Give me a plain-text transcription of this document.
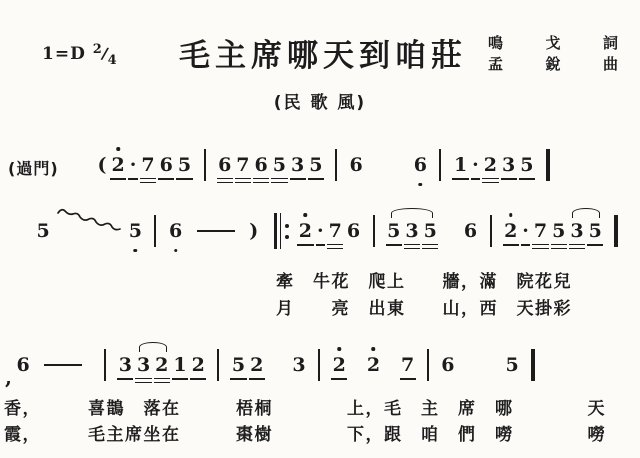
1=D $^2/_4$	毛主席哪天到咱莊	鳴	戈	詞
孟	銳	曲
(民 歌 風)
(過門) ( 2 · 7 6 5 6 7 6 5 3 5 6	6 1 · 2 3 5
5	5 6	) 2 · 7 6 5 3 5 6 2 · 7 5 3 5
牽　牛花　爬上　　牆，滿　院花兒
月　　亮　出東　　山，西　天掛彩
, 6	3 3 2 1 2 5 2 3 2 2 7 6	5
香，　　　喜鵲　落在　　　梧桐　　　　上，毛　主　席　哪　　　　天
霞，　　　毛主席坐在　　　棗樹　　　　下，跟　咱　們　嘮　　　　嘮
